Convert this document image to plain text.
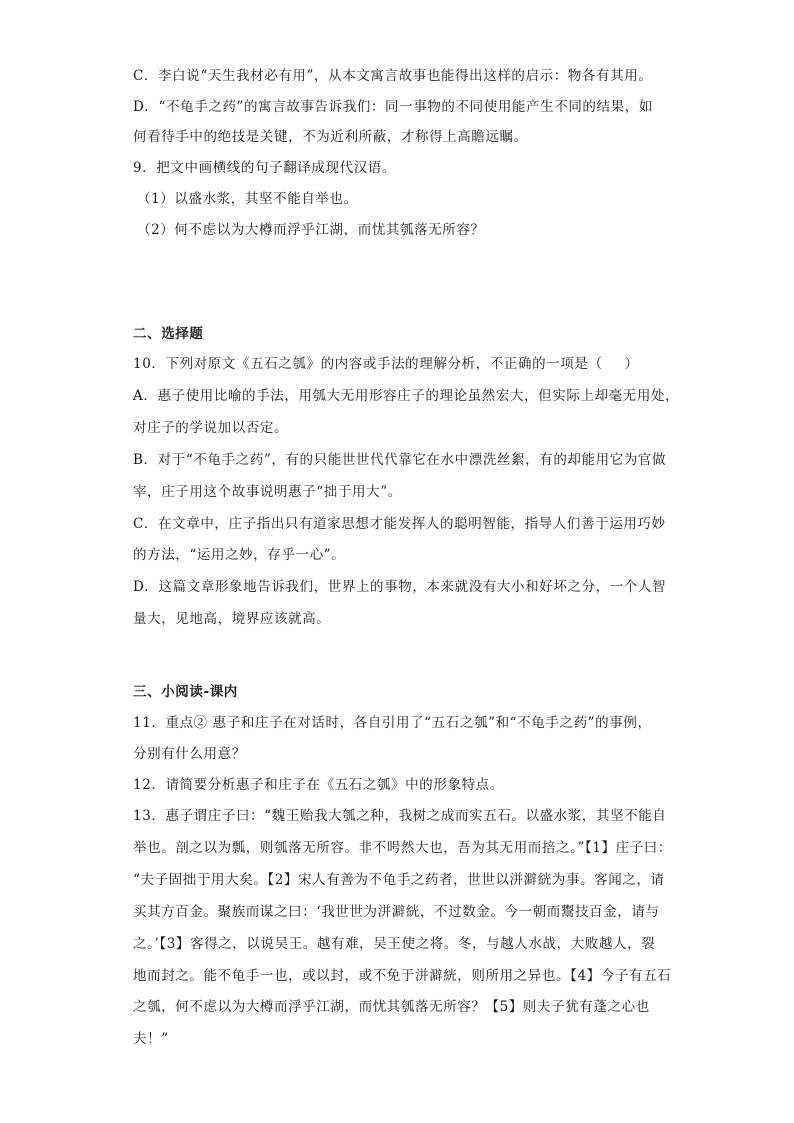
C．李白说“天生我材必有用”，从本文寓言故事也能得出这样的启示：物各有其用。

D．“不龟手之药”的寓言故事告诉我们：同一事物的不同使用能产生不同的结果，如

何看待手中的绝技是关键，不为近利所蔽，才称得上高瞻远瞩。

9．把文中画横线的句子翻译成现代汉语。

（1）以盛水浆，其坚不能自举也。

（2）何不虑以为大樽而浮乎江湖，而忧其瓠落无所容？

二、选择题

10．下列对原文《五石之瓠》的内容或手法的理解分析，不正确的一项是（ ）

A．惠子使用比喻的手法，用瓠大无用形容庄子的理论虽然宏大，但实际上却毫无用处，

对庄子的学说加以否定。

B．对于“不龟手之药”，有的只能世世代代靠它在水中漂洗丝絮，有的却能用它为官做

宰，庄子用这个故事说明惠子“拙于用大”。

C．在文章中，庄子指出只有道家思想才能发挥人的聪明智能，指导人们善于运用巧妙

的方法，“运用之妙，存乎一心”。

D．这篇文章形象地告诉我们，世界上的事物，本来就没有大小和好坏之分，一个人智

量大，见地高，境界应该就高。

三、小阅读-课内

11．重点② 惠子和庄子在对话时，各自引用了“五石之瓠”和“不龟手之药”的事例，

分别有什么用意？

12．请简要分析惠子和庄子在《五石之瓠》中的形象特点。

13．惠子谓庄子曰：“魏王贻我大瓠之种，我树之成而实五石。以盛水浆，其坚不能自

举也。剖之以为瓢，则瓠落无所容。非不呺然大也，吾为其无用而掊之。”【1】庄子曰：

“夫子固拙于用大矣。【2】宋人有善为不龟手之药者，世世以洴澼絖为事。客闻之，请

买其方百金。聚族而谋之曰：‘我世世为洴澼絖，不过数金。今一朝而鬻技百金，请与

之。’【3】客得之，以说吴王。越有难，吴王使之将。冬，与越人水战，大败越人，裂

地而封之。能不龟手一也，或以封，或不免于洴澼絖，则所用之异也。【4】今子有五石

之瓠，何不虑以为大樽而浮乎江湖，而忧其瓠落无所容？【5】则夫子犹有蓬之心也

夫！”
